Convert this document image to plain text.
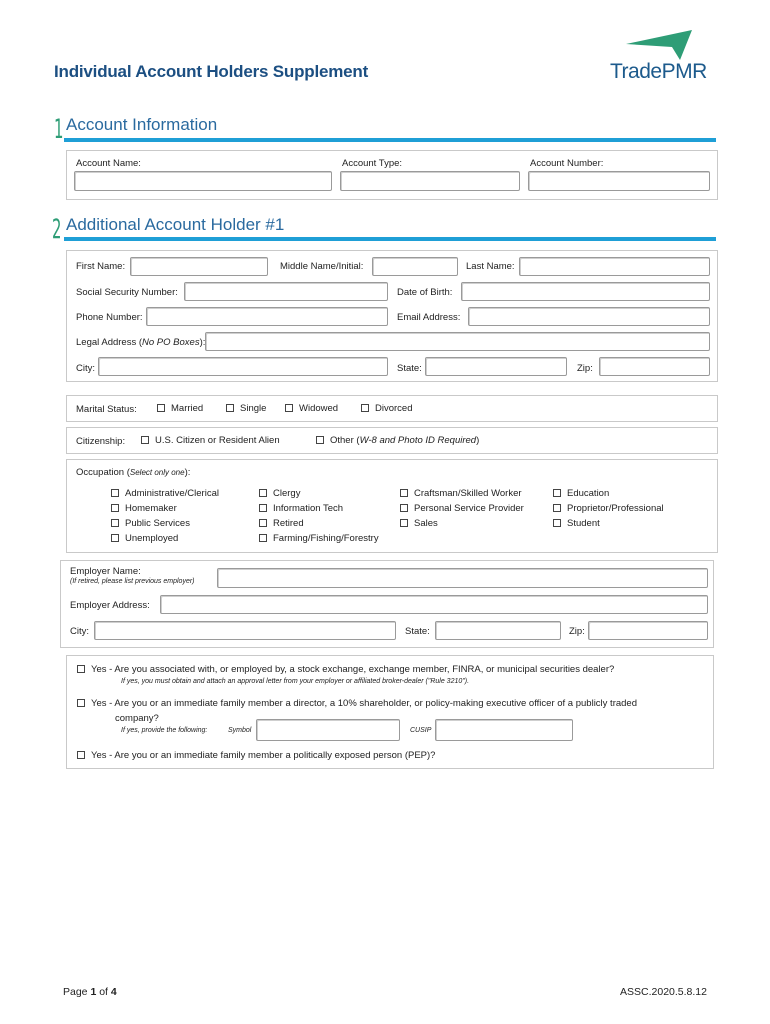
Individual Account Holders Supplement	TradePMR
1 Account Information
Account Name:	Account Type:	Account Number:
2 Additional Account Holder #1
First Name:	Middle Name/Initial:	Last Name:
Social Security Number:	Date of Birth:
Phone Number:	Email Address:
Legal Address (No PO Boxes):
City:	State:	Zip:
Marital Status:	Married	Single	Widowed	Divorced
Citizenship:	U.S. Citizen or Resident Alien	Other (W-8 and Photo ID Required)
Occupation (Select only one):
Administrative/Clerical
Homemaker
Public Services
Unemployed
Clergy
Information Tech
Retired
Farming/Fishing/Forestry
Craftsman/Skilled Worker
Personal Service Provider
Sales
Education
Proprietor/Professional
Student
Employer Name:
(If retired, please list previous employer)
Employer Address:
City:	State:	Zip:
Yes - Are you associated with, or employed by, a stock exchange, exchange member, FINRA, or municipal securities dealer?
If yes, you must obtain and attach an approval letter from your employer or affiliated broker-dealer ("Rule 3210").
Yes - Are you or an immediate family member a director, a 10% shareholder, or policy-making executive officer of a publicly traded
company?
If yes, provide the following:	Symbol	CUSIP
Yes - Are you or an immediate family member a politically exposed person (PEP)?
Page 1 of 4	ASSC.2020.5.8.12
